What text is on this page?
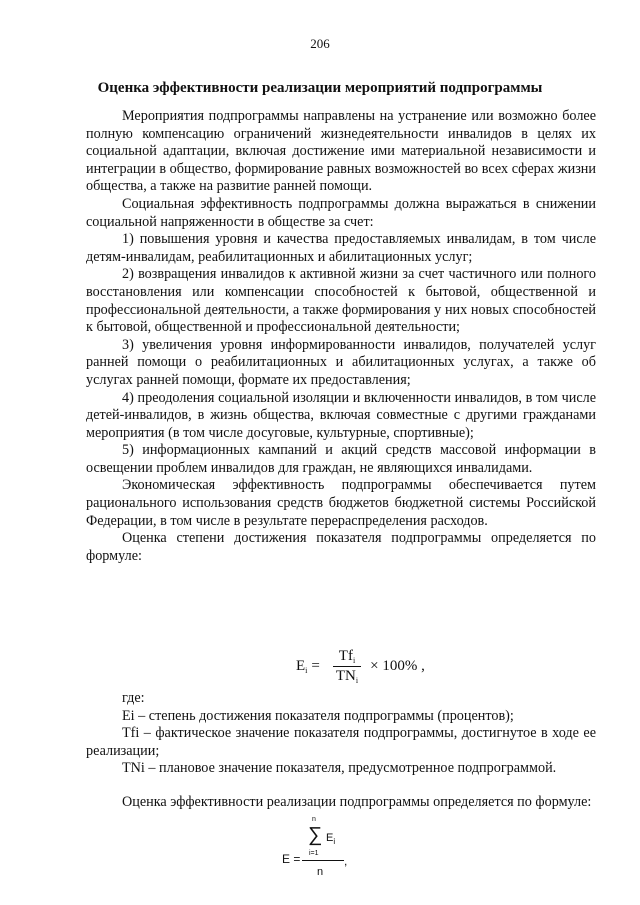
206
Оценка эффективности реализации мероприятий подпрограммы

Мероприятия подпрограммы направлены на устранение или возможно более полную компенсацию ограничений жизнедеятельности инвалидов в целях их социальной адаптации, включая достижение ими материальной независимости и интеграции в общество, формирование равных возможностей во всех сферах жизни общества, а также на развитие ранней помощи.

Социальная эффективность подпрограммы должна выражаться в снижении социальной напряженности в обществе за счет:

1) повышения уровня и качества предоставляемых инвалидам, в том числе детям-инвалидам, реабилитационных и абилитационных услуг;

2) возвращения инвалидов к активной жизни за счет частичного или полного восстановления или компенсации способностей к бытовой, общественной и профессиональной деятельности, а также формирования у них новых способностей к бытовой, общественной и профессиональной деятельности;

3) увеличения уровня информированности инвалидов, получателей услуг ранней помощи о реабилитационных и абилитационных услугах, а также об услугах ранней помощи, формате их предоставления;

4) преодоления социальной изоляции и включенности инвалидов, в том числе детей-инвалидов, в жизнь общества, включая совместные с другими гражданами мероприятия (в том числе досуговые, культурные, спортивные);

5) информационных кампаний и акций средств массовой информации в освещении проблем инвалидов для граждан, не являющихся инвалидами.

Экономическая эффективность подпрограммы обеспечивается путем рационального использования средств бюджетов бюджетной системы Российской Федерации, в том числе в результате перераспределения расходов.

Оценка степени достижения показателя подпрограммы определяется по формуле:

$E_i = \frac{Tf_i}{TN_i} \times 100\%$ ,

где:

Ei – степень достижения показателя подпрограммы (процентов);

Tfi – фактическое значение показателя подпрограммы, достигнутое в ходе ее реализации;

TNi – плановое значение показателя, предусмотренное подпрограммой.

Оценка эффективности реализации подпрограммы определяется по формуле:

n
∑ $E_i$
i=1
E =
n
,
